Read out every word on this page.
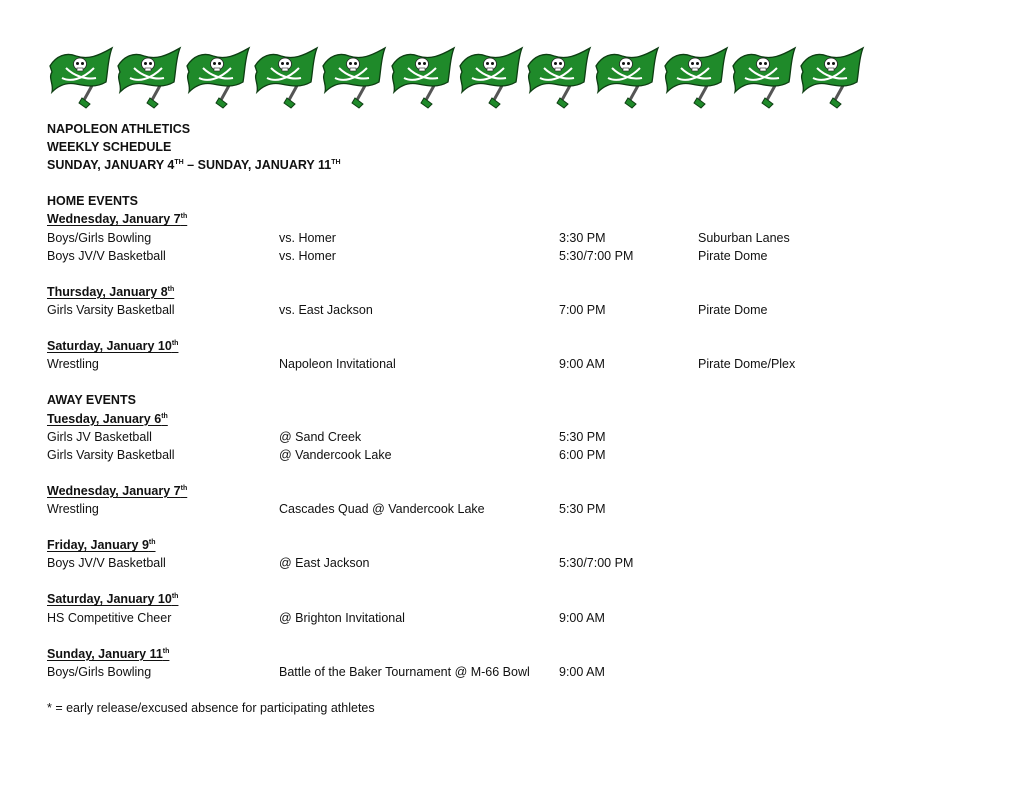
NAPOLEON ATHLETICS
WEEKLY SCHEDULE
SUNDAY, JANUARY 4TH – SUNDAY, JANUARY 11TH
HOME EVENTS
Wednesday, January 7th
Boys/Girls Bowling	vs. Homer	3:30 PM	Suburban Lanes
Boys JV/V Basketball	vs. Homer	5:30/7:00 PM	Pirate Dome
Thursday, January 8th
Girls Varsity Basketball	vs. East Jackson	7:00 PM	Pirate Dome
Saturday, January 10th
Wrestling	Napoleon Invitational	9:00 AM	Pirate Dome/Plex
AWAY EVENTS
Tuesday, January 6th
Girls JV Basketball	@ Sand Creek	5:30 PM
Girls Varsity Basketball	@ Vandercook Lake	6:00 PM
Wednesday, January 7th
Wrestling	Cascades Quad @ Vandercook Lake	5:30 PM
Friday, January 9th
Boys JV/V Basketball	@ East Jackson	5:30/7:00 PM
Saturday, January 10th
HS Competitive Cheer	@ Brighton Invitational	9:00 AM
Sunday, January 11th
Boys/Girls Bowling	Battle of the Baker Tournament @ M-66 Bowl 9:00 AM
* = early release/excused absence for participating athletes
